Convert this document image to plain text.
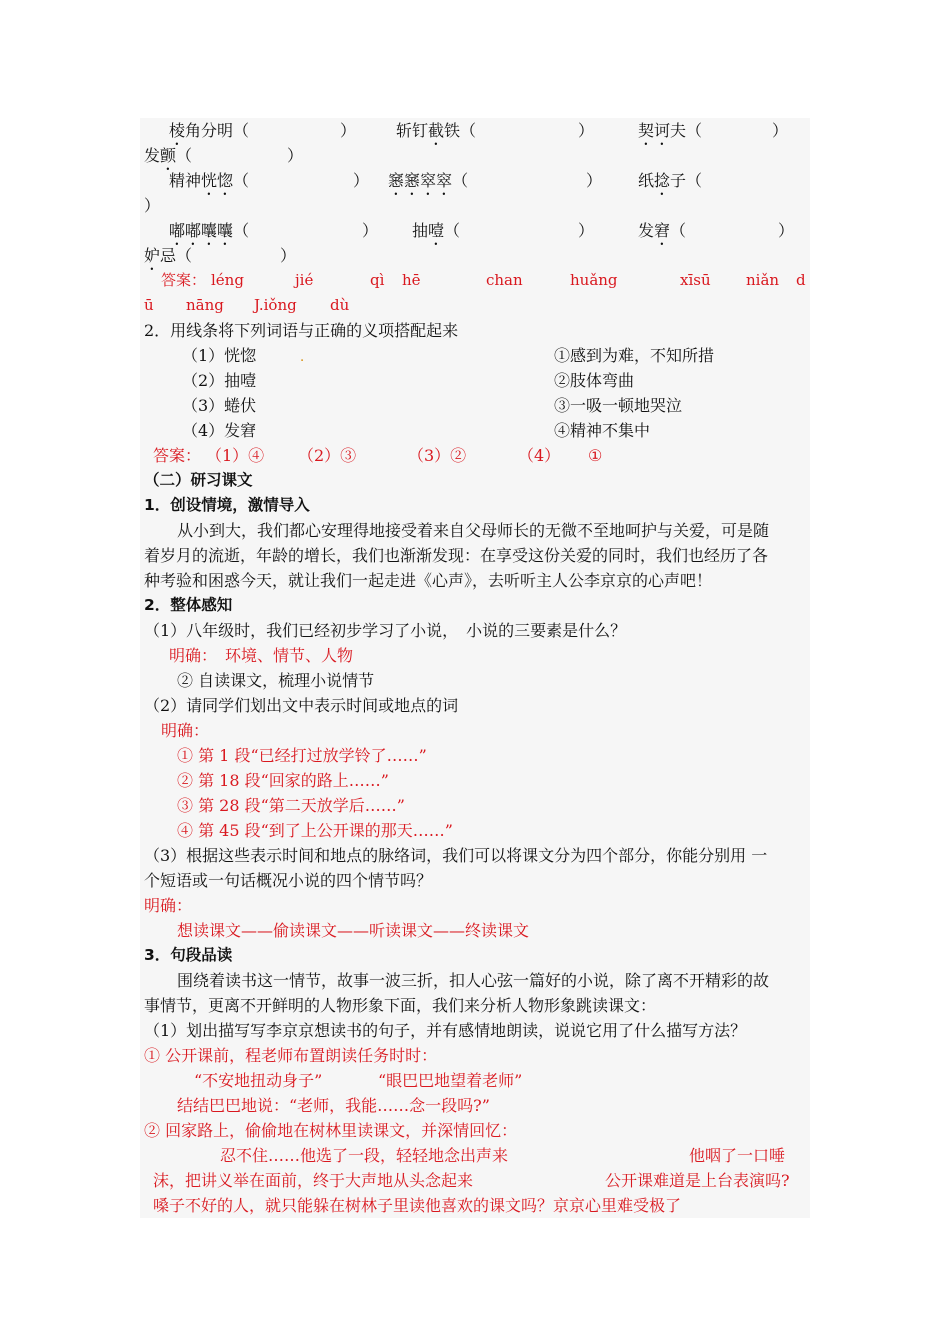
棱角分明（	） 斩钉截铁（	）	契诃夫（	）
发颤（	）
精神恍惚（	） 窸窸窣窣（	） 纸捻子（
）
嘟嘟囔囔（	） 抽噎（	）	发窘（	）
妒忌（	）
答案： léng	jié	qì hē	chan	huǎng	xīsū niǎn d
ū nāng J.iǒng dù
2．用线条将下列词语与正确的义项搭配起来
（1）恍惚	.	①感到为难，不知所措
（2）抽噎	②肢体弯曲
（3）蜷伏	③一吸一顿地哭泣
（4）发窘	④精神不集中
答案： （1）④ （2）③	（3）②	（4） ①
（二）研习课文
1．创设情境，激情导入
从小到大，我们都心安理得地接受着来自父母师长的无微不至地呵护与关爱，可是随
着岁月的流逝，年龄的增长，我们也渐渐发现：在享受这份关爱的同时，我们也经历了各
种考验和困惑今天，就让我们一起走进《心声》，去听听主人公李京京的心声吧！
2．整体感知
（1）八年级时，我们已经初步学习了小说，　小说的三要素是什么？
明确：　环境、情节、人物
② 自读课文，梳理小说情节
（2）请同学们划出文中表示时间或地点的词
明确：
① 第 1 段“已经打过放学铃了……”
② 第 18 段“回家的路上……”
③ 第 28 段“第二天放学后……”
④ 第 45 段“到了上公开课的那天……”
（3）根据这些表示时间和地点的脉络词，我们可以将课文分为四个部分，你能分别用 一
个短语或一句话概况小说的四个情节吗？
明确：
想读课文——偷读课文——听读课文——终读课文
3．句段品读
围绕着读书这一情节，故事一波三折，扣人心弦一篇好的小说，除了离不开精彩的故
事情节，更离不开鲜明的人物形象下面，我们来分析人物形象跳读课文：
（1）划出描写写李京京想读书的句子，并有感情地朗读，说说它用了什么描写方法？
① 公开课前，程老师布置朗读任务时时：
“不安地扭动身子”	“眼巴巴地望着老师”
结结巴巴地说：“老师，我能……念一段吗?”
② 回家路上，偷偷地在树林里读课文，并深情回忆：
忍不住……他选了一段，轻轻地念出声来	他咽了一口唾
沫，把讲义举在面前，终于大声地从头念起来	公开课难道是上台表演吗?
嗓子不好的人，就只能躲在树林子里读他喜欢的课文吗？京京心里难受极了
